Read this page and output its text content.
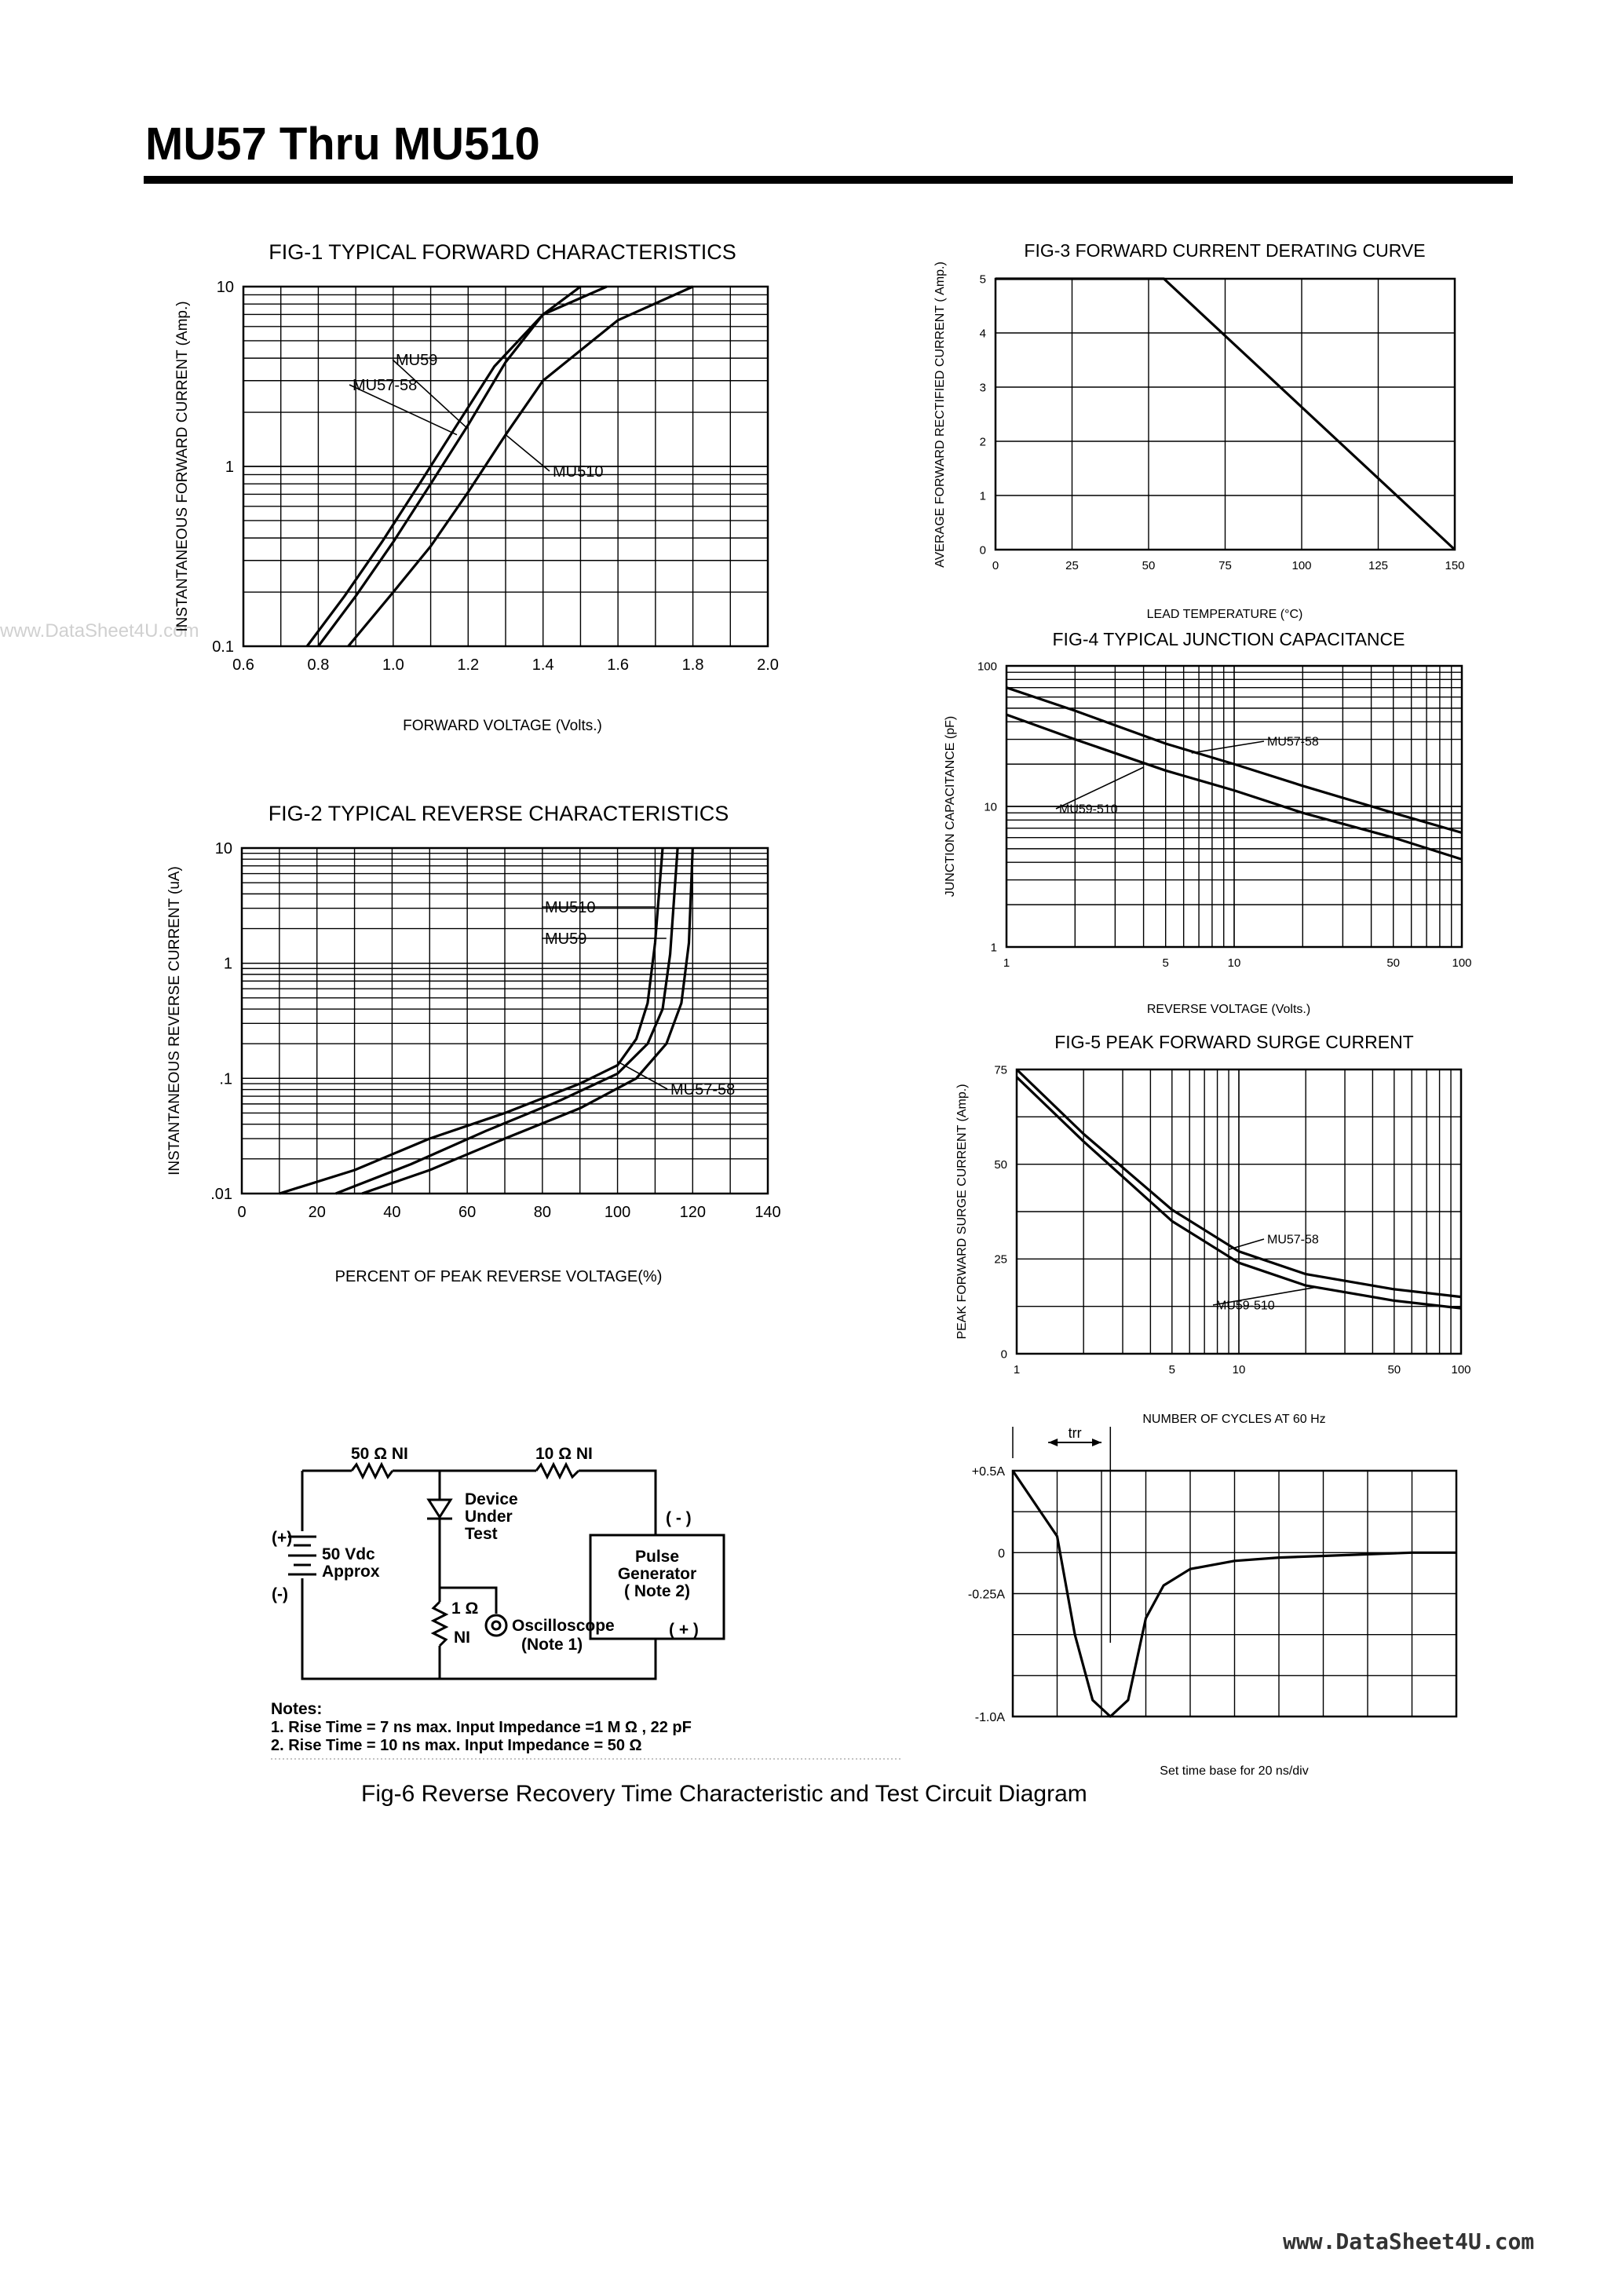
MU57 Thru MU510
www.DataSheet4U.com
50 Ω NI	10 Ω NI
Device
Under
Test
(+)
(-)
50 Vdc
Approx
Pulse
Generator
( Note 2)
( - )
( + )
1 Ω
NI
Oscilloscope
(Note 1)
Notes:
1. Rise Time = 7 ns max. Input Impedance =1 M Ω , 22 pF
2. Rise Time = 10 ns max. Input Impedance = 50 Ω
0.6	0.8	1.0	1.2	1.4	1.6	1.8	2.0
0.1
1
10
FIG-1 TYPICAL FORWARD CHARACTERISTICS
FORWARD VOLTAGE (Volts.)
INSTANTANEOUS FORWARD CURRENT (Amp.)	MU59
MU57-58
MU510
0	20	40	60	80	100	120	140
.01
.1
1
10
FIG-2 TYPICAL REVERSE CHARACTERISTICS
PERCENT OF PEAK REVERSE VOLTAGE(%)
INSTANTANEOUS REVERSE CURRENT (uA)	MU510
MU59
MU57-58
0	25	50	75	100	125	150
0
1
2
3
4
5
FIG-3 FORWARD CURRENT DERATING CURVE
LEAD TEMPERATURE (°C)
AVERAGE FORWARD RECTIFIED CURRENT ( Amp.)
1	5	10	50	100
1
10
100
FIG-4 TYPICAL JUNCTION CAPACITANCE
REVERSE VOLTAGE (Volts.)
JUNCTION CAPACITANCE (pF)	MU57-58
MU59-510
1	5	10	50	100
0
25
50
75
FIG-5 PEAK FORWARD SURGE CURRENT
NUMBER OF CYCLES AT 60 Hz
PEAK FORWARD SURGE CURRENT (Amp.)	MU57-58
MU59-510
+0.5A
0
-0.25A
-1.0A
Set time base for 20 ns/div
trr
Fig-6 Reverse Recovery Time Characteristic and Test Circuit Diagram
www.DataSheet4U.com
